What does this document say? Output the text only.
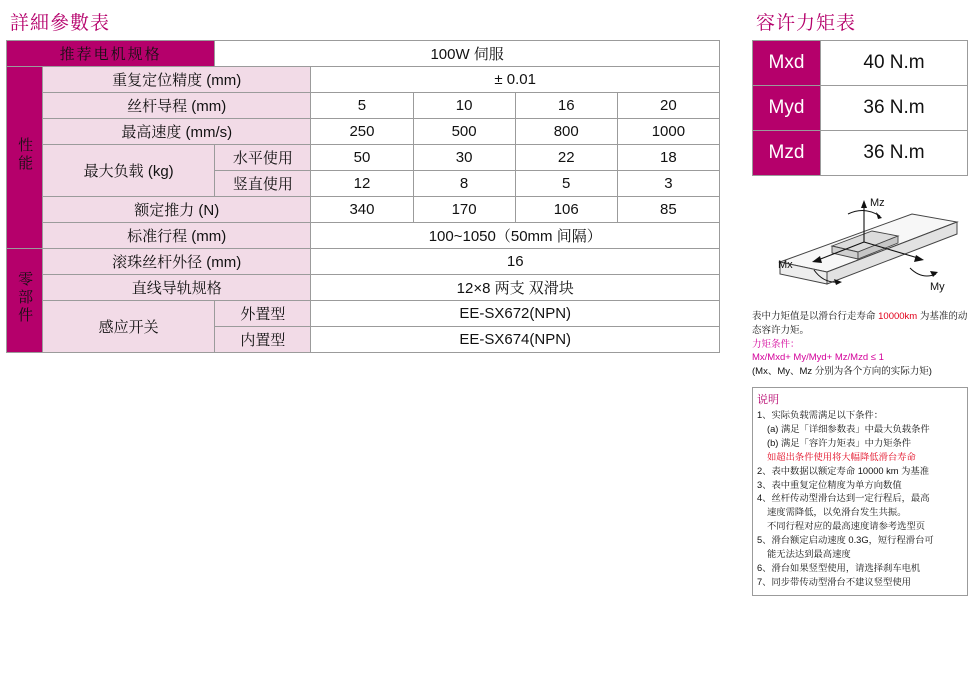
詳細參數表
推荐电机规格		100W 伺服				
性能	重复定位精度 (mm)		± 0.01			
	丝杆导程 (mm)		5	10	16	20
	最高速度 (mm/s)		250	500	800	1000
	最大负载 (kg)	水平使用	50	30	22	18
		竖直使用	12	8	5	3
	额定推力 (N)		340	170	106	85
	标准行程 (mm)		100~1050（50mm 间隔）			
零部件	滚珠丝杆外径 (mm)		16			
	直线导轨规格		12×8 两支 双滑块			
	感应开关	外置型	EE-SX672(NPN)			
		内置型	EE-SX674(NPN)			
容许力矩表
Mxd	40 N.m
Myd	36 N.m
Mzd	36 N.m
Mz
Mx
My
表中力矩值是以滑台行走寿命 10000km 为基准的动态容许力矩。
力矩条件：
Mx/Mxd+ My/Myd+ Mz/Mzd ≤ 1
(Mx、My、Mz 分别为各个方向的实际力矩)
说明
1、实际负载需满足以下条件：
(a) 满足「详细参数表」中最大负载条件
(b) 满足「容许力矩表」中力矩条件
如超出条件使用将大幅降低滑台寿命
2、表中数据以额定寿命 10000 km 为基准
3、表中重复定位精度为单方向数值
4、丝杆传动型滑台达到一定行程后，最高
速度需降低，以免滑台发生共振。
不同行程对应的最高速度请参考选型页
5、滑台额定启动速度 0.3G，短行程滑台可
能无法达到最高速度
6、滑台如果竖型使用，请选择刹车电机
7、同步带传动型滑台不建议竖型使用
